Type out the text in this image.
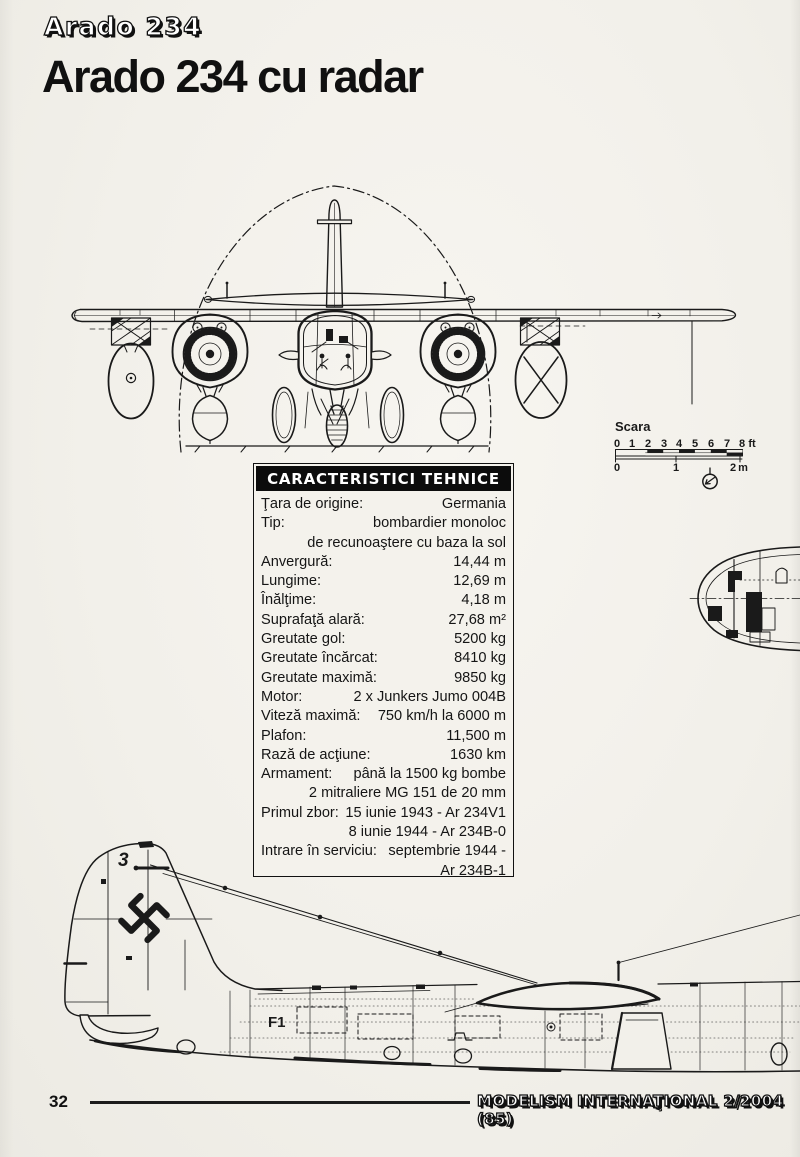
Arado 234
Arado 234 cu radar
Scara
0 1 2 3 4 5 6 7 8 ft
0	1	2 m
CARACTERISTICI TEHNICE
Ţara de origine:	Germania
Tip:	bombardier monoloc
de recunoaştere cu baza la sol
Anvergură:	14,44 m
Lungime:	12,69 m
Înălţime:	4,18 m
Suprafaţă alară:	27,68 m²
Greutate gol:	5200 kg
Greutate încărcat:	8410 kg
Greutate maximă:	9850 kg
Motor:	2 x Junkers Jumo 004B
Viteză maximă: 750 km/h la 6000 m
Plafon:	11,500 m
Rază de acţiune:	1630 km
Armament: până la 1500 kg bombe
2 mitraliere MG 151 de 20 mm
Primul zbor: 15 iunie 1943 - Ar 234V1
8 iunie 1944 - Ar 234B-0
Intrare în serviciu: septembrie 1944 -
Ar 234B-1
3
F1
32	MODELISM INTERNAŢIONAL 2/2004 (85)
